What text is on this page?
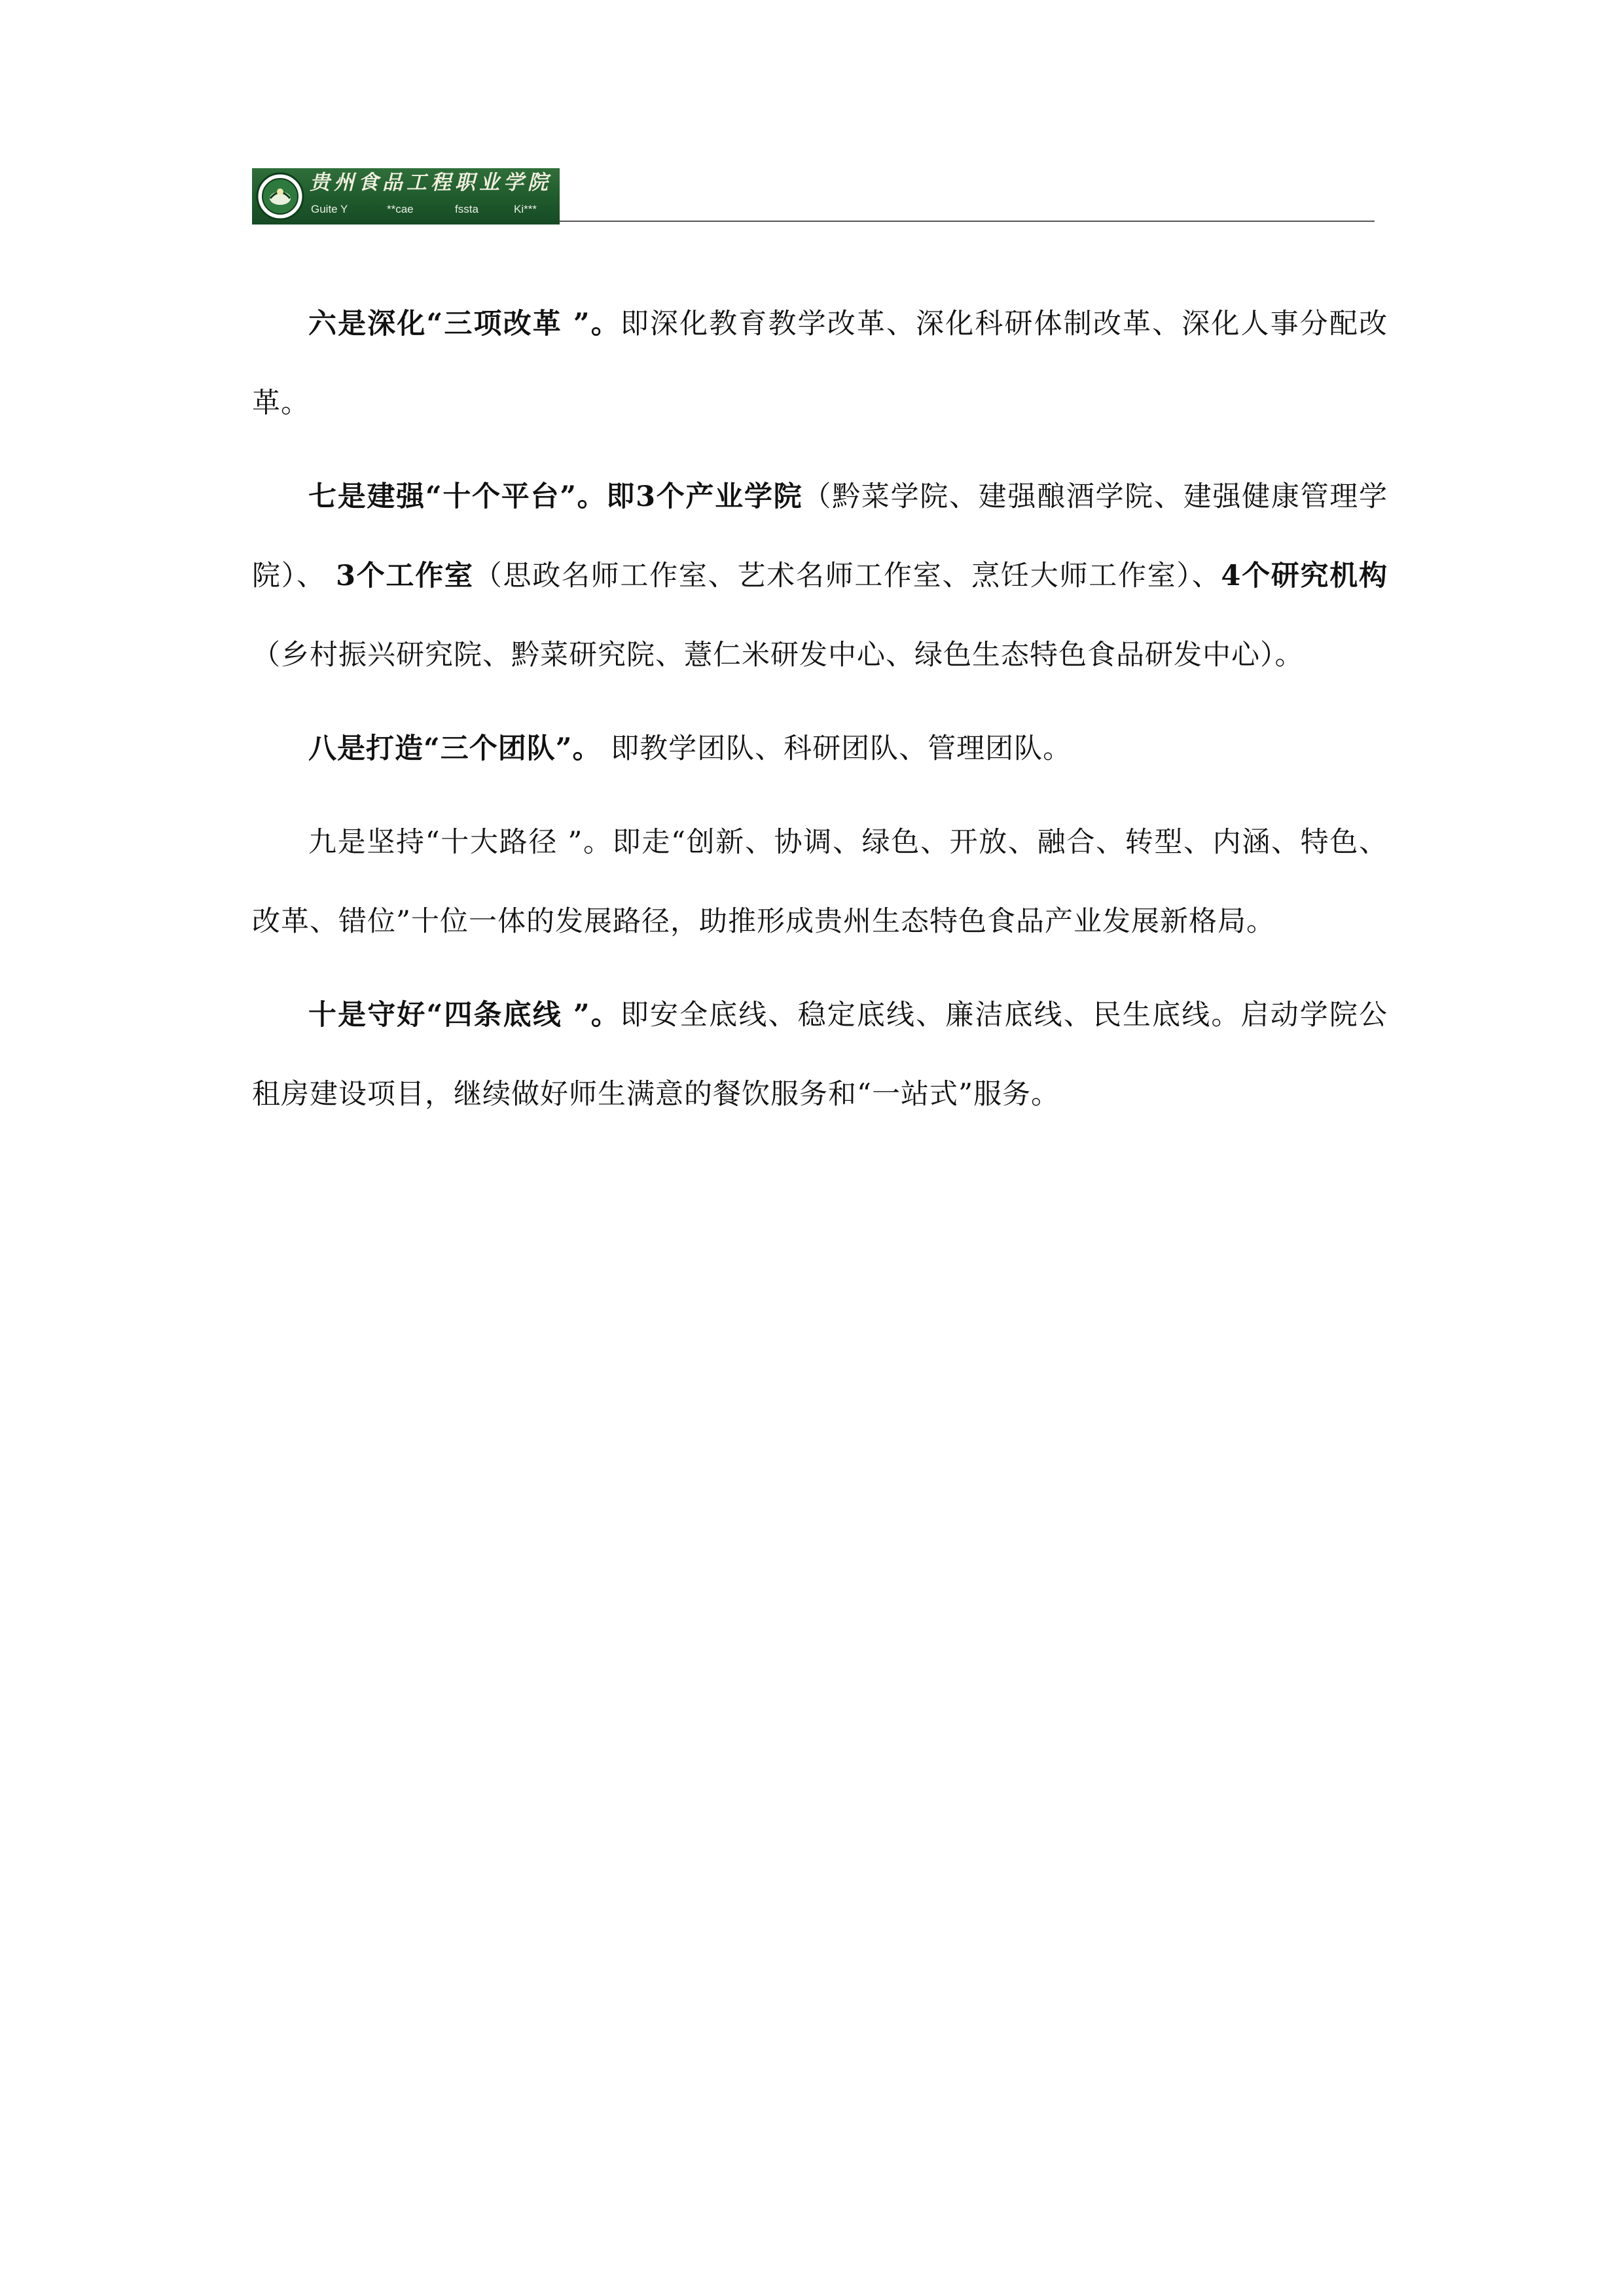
贵州食品工程职业学院
Guite Y	**cae	fssta	Ki***

六是深化“三项改革 ”。即深化教育教学改革、深化科研体制改革、深化人事分配改革。

七是建强“十个平台”。即3个产业学院（黔菜学院、建强酿酒学院、建强健康管理学院）、 3个工作室（思政名师工作室、艺术名师工作室、烹饪大师工作室）、4个研究机构（乡村振兴研究院、黔菜研究院、薏仁米研发中心、绿色生态特色食品研发中心）。

八是打造“三个团队”。 即教学团队、科研团队、管理团队。

九是坚持“十大路径 ”。即走“创新、协调、绿色、开放、融合、转型、内涵、特色、改革、错位”十位一体的发展路径，助推形成贵州生态特色食品产业发展新格局。

十是守好“四条底线 ”。即安全底线、稳定底线、廉洁底线、民生底线。启动学院公租房建设项目，继续做好师生满意的餐饮服务和“一站式”服务。
